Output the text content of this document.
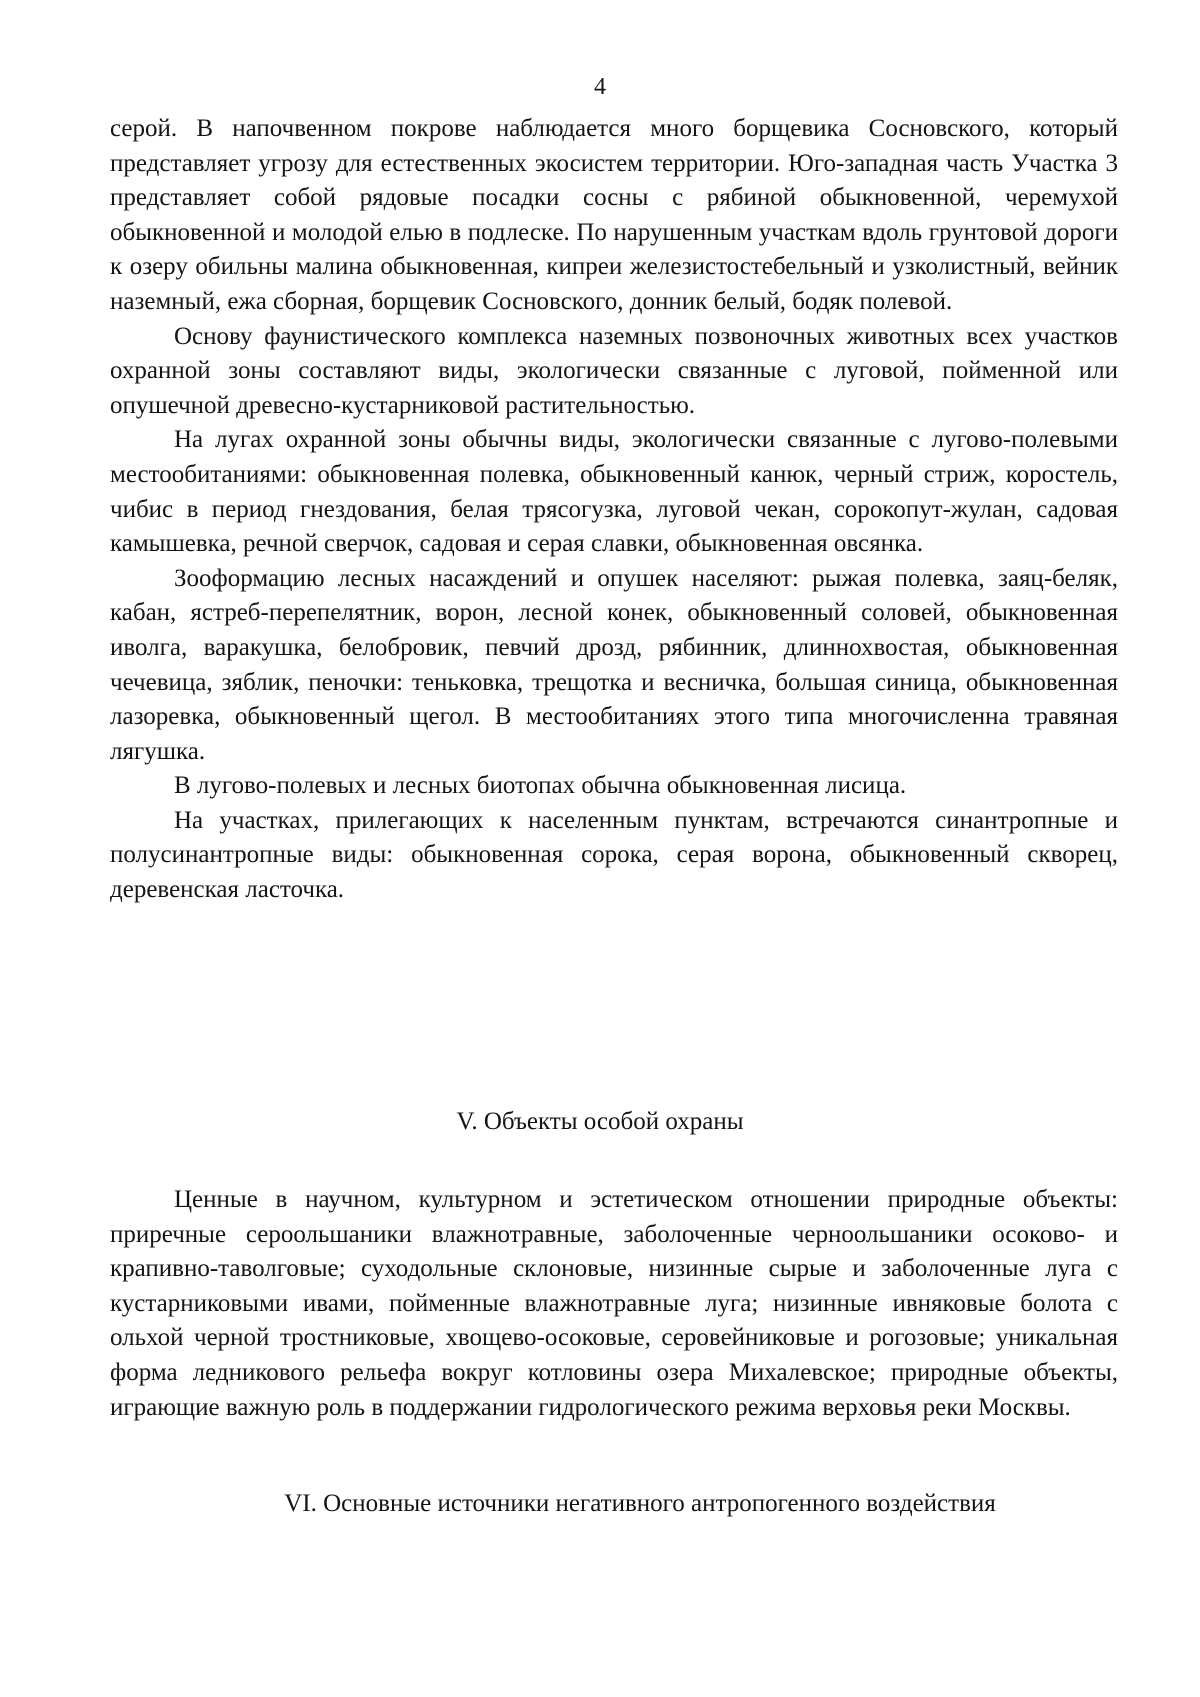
4

серой. В напочвенном покрове наблюдается много борщевика Сосновского, который представляет угрозу для естественных экосистем территории. Юго-западная часть Участка 3 представляет собой рядовые посадки сосны с рябиной обыкновенной, черемухой обыкновенной и молодой елью в подлеске. По нарушенным участкам вдоль грунтовой дороги к озеру обильны малина обыкновенная, кипреи железистостебельный и узколистный, вейник наземный, ежа сборная, борщевик Сосновского, донник белый, бодяк полевой.

Основу фаунистического комплекса наземных позвоночных животных всех участков охранной зоны составляют виды, экологически связанные с луговой, пойменной или опушечной древесно-кустарниковой растительностью.

На лугах охранной зоны обычны виды, экологически связанные с лугово-полевыми местообитаниями: обыкновенная полевка, обыкновенный канюк, черный стриж, коростель, чибис в период гнездования, белая трясогузка, луговой чекан, сорокопут-жулан, садовая камышевка, речной сверчок, садовая и серая славки, обыкновенная овсянка.

Зооформацию лесных насаждений и опушек населяют: рыжая полевка, заяц-беляк, кабан, ястреб-перепелятник, ворон, лесной конек, обыкновенный соловей, обыкновенная иволга, варакушка, белобровик, певчий дрозд, рябинник, длиннохвостая, обыкновенная чечевица, зяблик, пеночки: теньковка, трещотка и весничка, большая синица, обыкновенная лазоревка, обыкновенный щегол. В местообитаниях этого типа многочисленна травяная лягушка.

В лугово-полевых и лесных биотопах обычна обыкновенная лисица.

На участках, прилегающих к населенным пунктам, встречаются синантропные и полусинантропные виды: обыкновенная сорока, серая ворона, обыкновенный скворец, деревенская ласточка.

V. Объекты особой охраны

Ценные в научном, культурном и эстетическом отношении природные объекты: приречные сероольшаники влажнотравные, заболоченные черноольшаники осоково- и крапивно-таволговые; суходольные склоновые, низинные сырые и заболоченные луга с кустарниковыми ивами, пойменные влажнотравные луга; низинные ивняковые болота с ольхой черной тростниковые, хвощево-осоковые, серовейниковые и рогозовые; уникальная форма ледникового рельефа вокруг котловины озера Михалевское; природные объекты, играющие важную роль в поддержании гидрологического режима верховья реки Москвы.

VI. Основные источники негативного антропогенного воздействия
